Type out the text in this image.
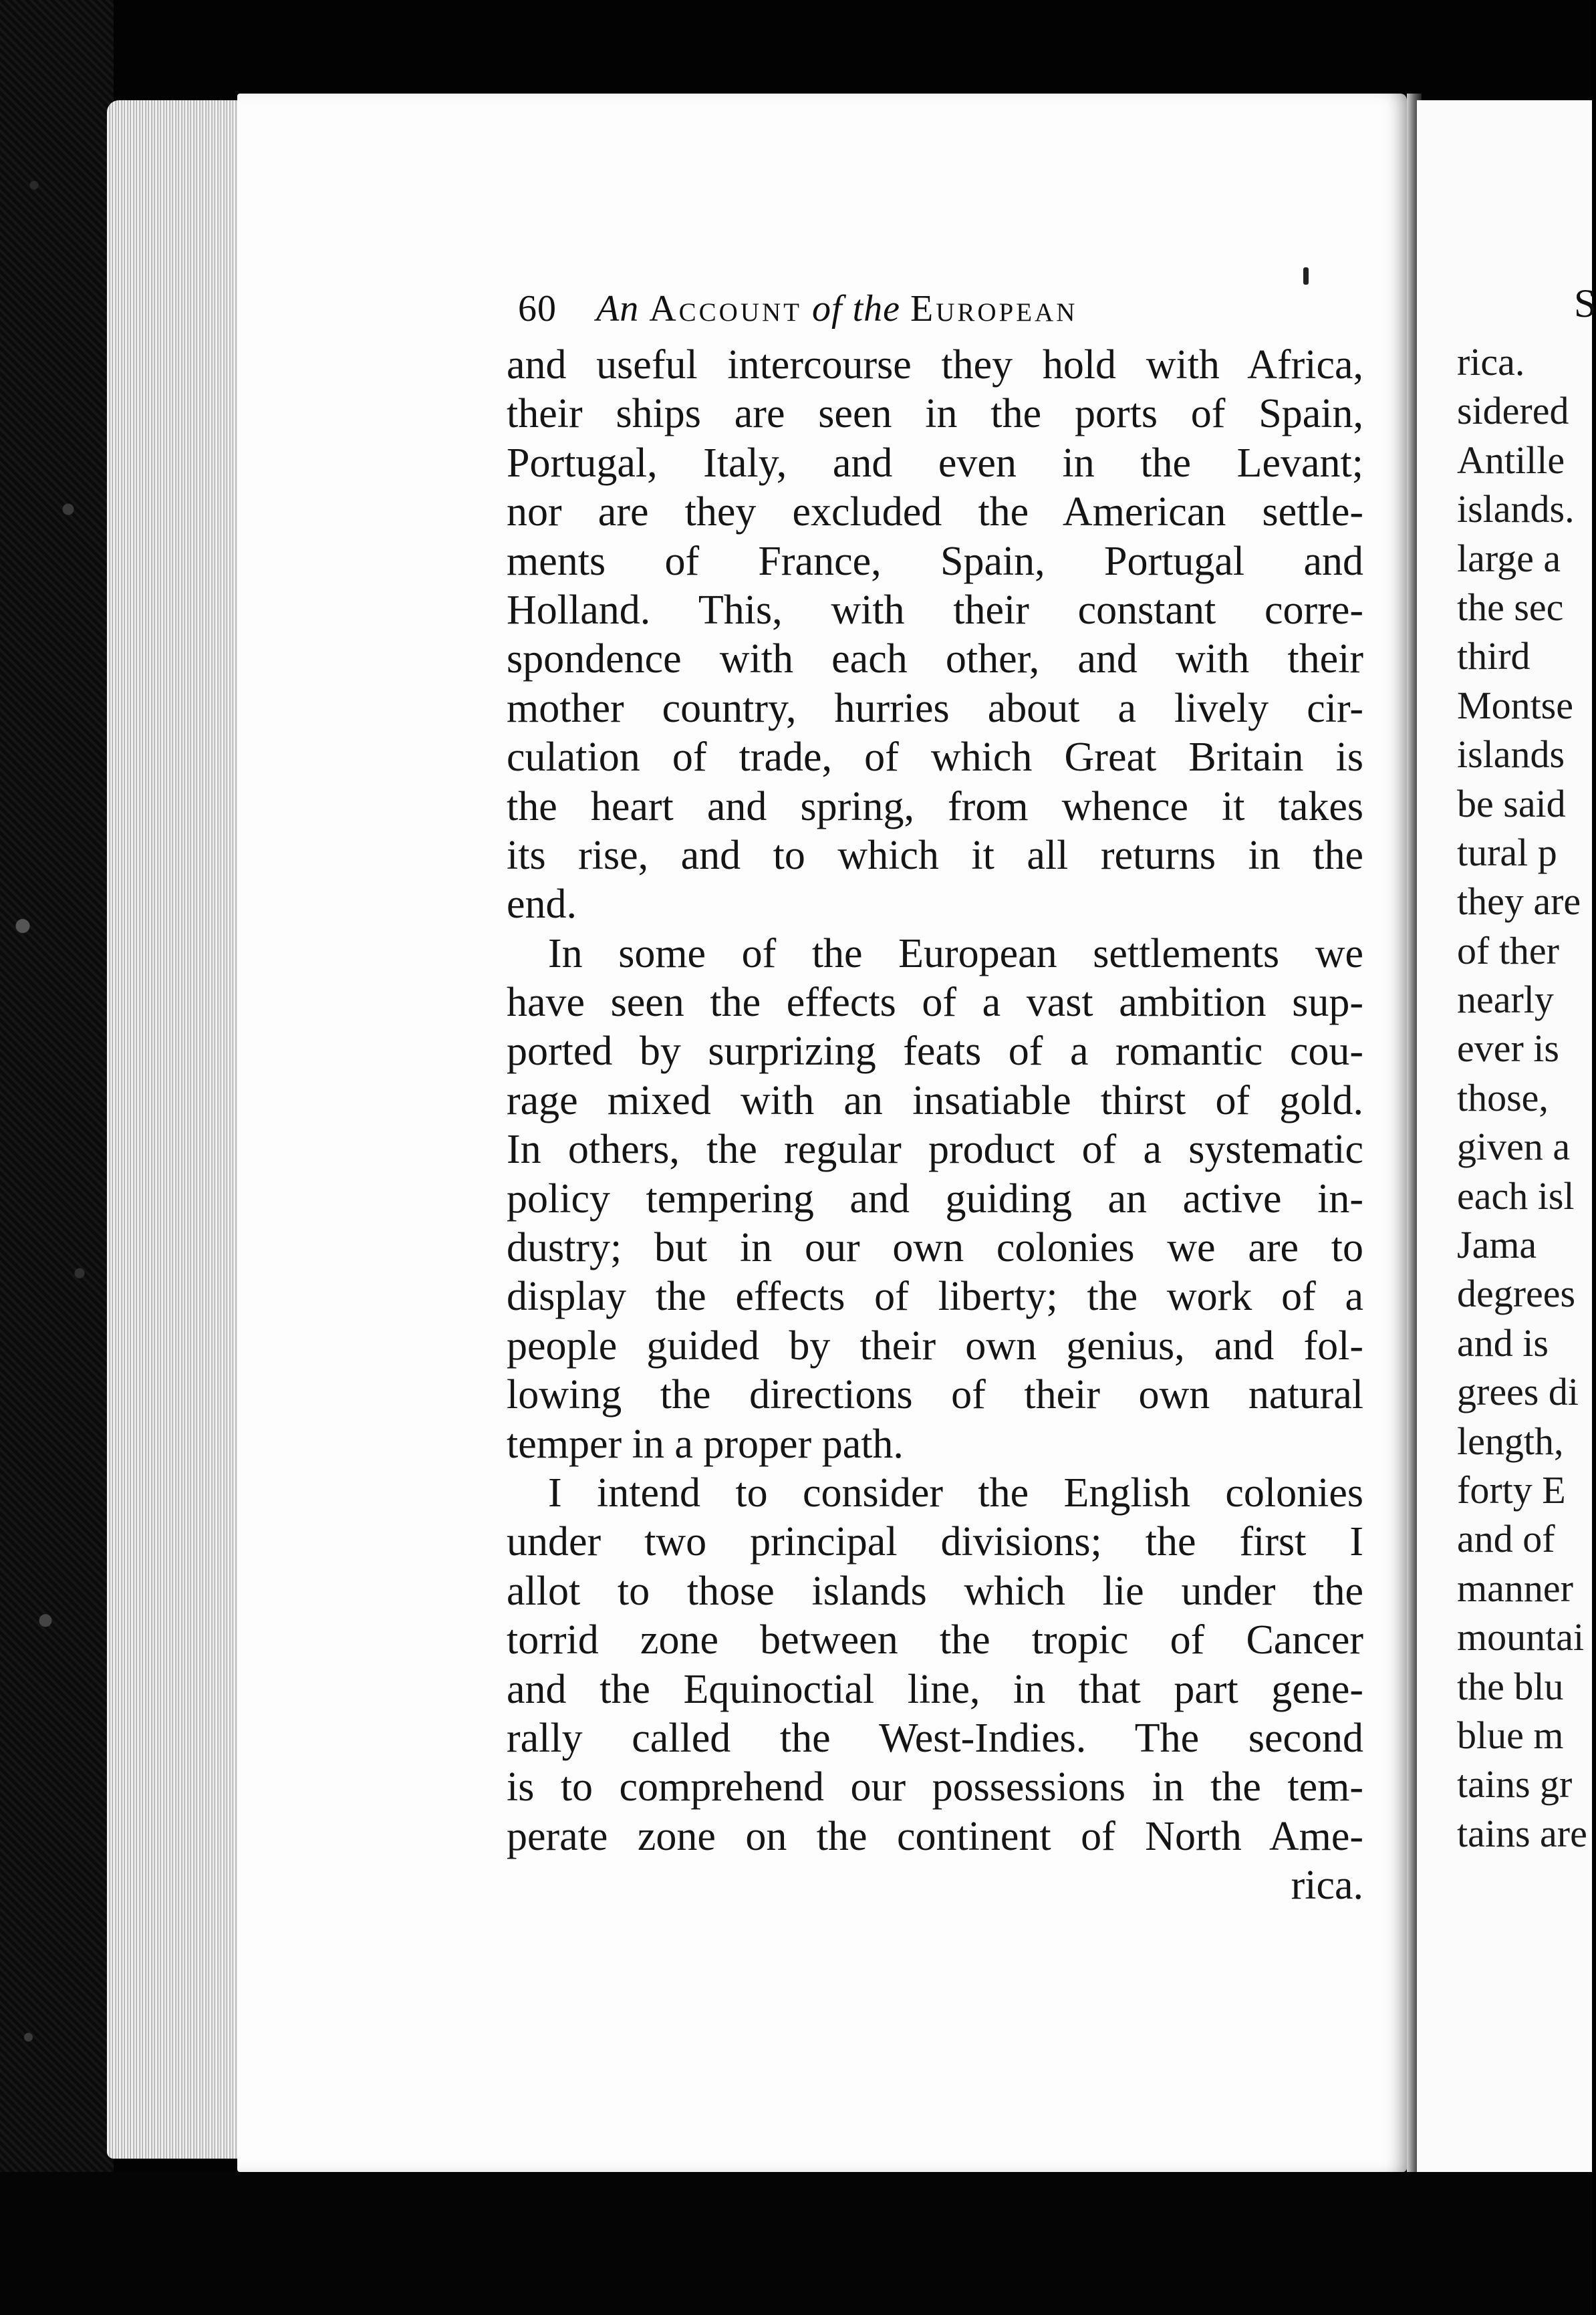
60 An Account of the European
and useful intercourse they hold with Africa,
their ships are seen in the ports of Spain,
Portugal, Italy, and even in the Levant;
nor are they excluded the American settle-
ments of France, Spain, Portugal and
Holland. This, with their constant corre-
spondence with each other, and with their
mother country, hurries about a lively cir-
culation of trade, of which Great Britain is
the heart and spring, from whence it takes
its rise, and to which it all returns in the
end.
In some of the European settlements we
have seen the effects of a vast ambition sup-
ported by surprizing feats of a romantic cou-
rage mixed with an insatiable thirst of gold.
In others, the regular product of a systematic
policy tempering and guiding an active in-
dustry; but in our own colonies we are to
display the effects of liberty; the work of a
people guided by their own genius, and fol-
lowing the directions of their own natural
temper in a proper path.
I intend to consider the English colonies
under two principal divisions; the first I
allot to those islands which lie under the
torrid zone between the tropic of Cancer
and the Equinoctial line, in that part gene-
rally called the West-Indies. The second
is to comprehend our possessions in the tem-
perate zone on the continent of North Ame-
rica.
S
rica.
sidered
Antille
islands.
large a
the sec
third
Montse
islands
be said
tural p
they are
of ther
nearly
ever is
those,
given a
each isl
Jama
degrees
and is
grees di
length,
forty E
and of
manner
mountai
the blu
blue m
tains gr
tains are
